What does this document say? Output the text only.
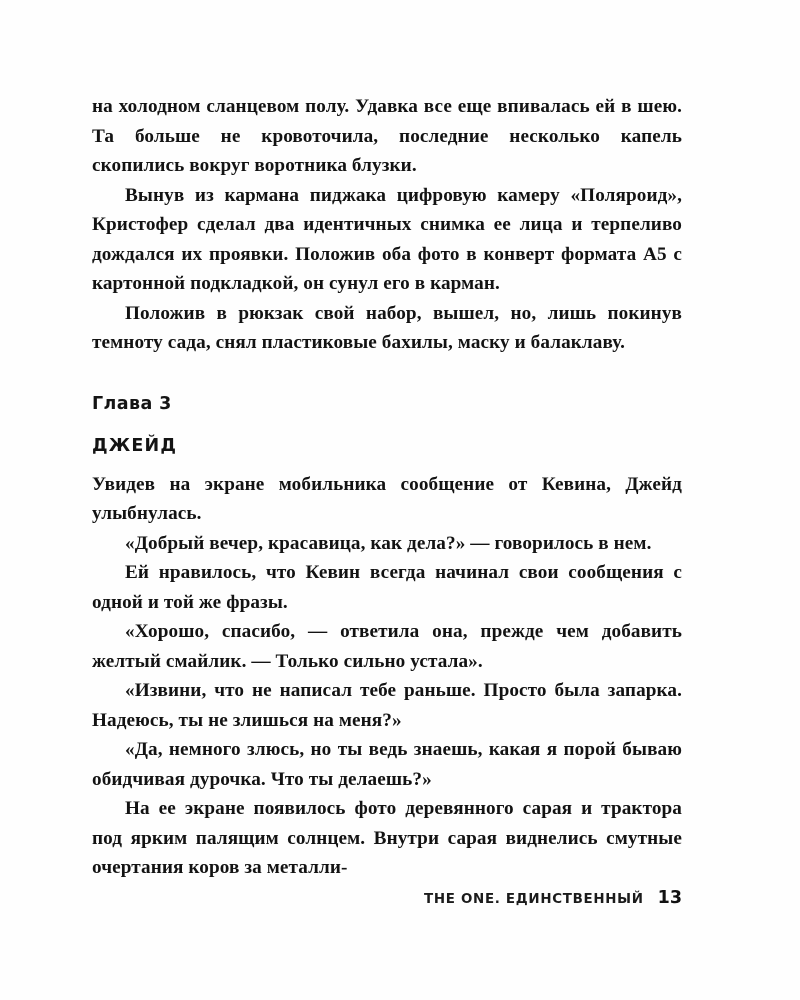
на холодном сланцевом полу. Удавка все еще впивалась ей в шею. Та больше не кровоточила, последние несколько капель скопились вокруг воротника блузки.

Вынув из кармана пиджака цифровую камеру «Поляроид», Кристофер сделал два идентичных снимка ее лица и терпеливо дождался их проявки. Положив оба фото в конверт формата А5 с картонной подкладкой, он сунул его в карман.

Положив в рюкзак свой набор, вышел, но, лишь покинув темноту сада, снял пластиковые бахилы, маску и балаклаву.

Глава 3
ДЖЕЙД

Увидев на экране мобильника сообщение от Кевина, Джейд улыбнулась.

«Добрый вечер, красавица, как дела?» — говорилось в нем.

Ей нравилось, что Кевин всегда начинал свои сообщения с одной и той же фразы.

«Хорошо, спасибо, — ответила она, прежде чем добавить желтый смайлик. — Только сильно устала».

«Извини, что не написал тебе раньше. Просто была запарка. Надеюсь, ты не злишься на меня?»

«Да, немного злюсь, но ты ведь знаешь, какая я порой бываю обидчивая дурочка. Что ты делаешь?»

На ее экране появилось фото деревянного сарая и трактора под ярким палящим солнцем. Внутри сарая виднелись смутные очертания коров за металли-

THE ONE. ЕДИНСТВЕННЫЙ 13
